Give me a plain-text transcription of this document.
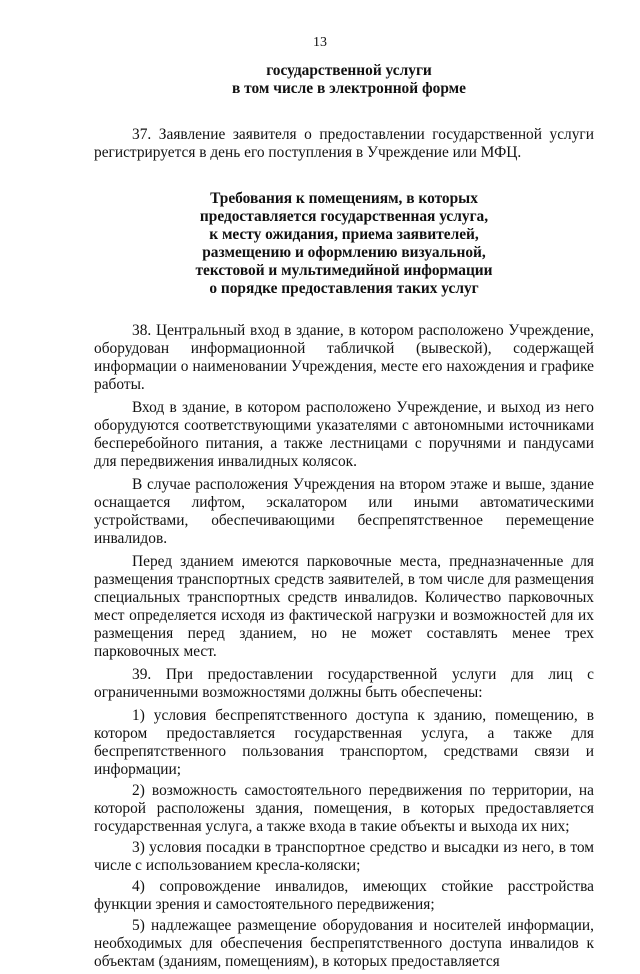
13
государственной услуги
в том числе в электронной форме

37. Заявление заявителя о предоставлении государственной услуги регистрируется в день его поступления в Учреждение или МФЦ.

Требования к помещениям, в которых
предоставляется государственная услуга,
к месту ожидания, приема заявителей,
размещению и оформлению визуальной,
текстовой и мультимедийной информации
о порядке предоставления таких услуг

38. Центральный вход в здание, в котором расположено Учреждение, оборудован информационной табличкой (вывеской), содержащей информации о наименовании Учреждения, месте его нахождения и графике работы.

Вход в здание, в котором расположено Учреждение, и выход из него оборудуются соответствующими указателями с автономными источниками бесперебойного питания, а также лестницами с поручнями и пандусами для передвижения инвалидных колясок.

В случае расположения Учреждения на втором этаже и выше, здание оснащается лифтом, эскалатором или иными автоматическими устройствами, обеспечивающими беспрепятственное перемещение инвалидов.

Перед зданием имеются парковочные места, предназначенные для размещения транспортных средств заявителей, в том числе для размещения специальных транспортных средств инвалидов. Количество парковочных мест определяется исходя из фактической нагрузки и возможностей для их размещения перед зданием, но не может составлять менее трех парковочных мест.

39. При предоставлении государственной услуги для лиц с ограниченными возможностями должны быть обеспечены:

1) условия беспрепятственного доступа к зданию, помещению, в котором предоставляется государственная услуга, а также для беспрепятственного пользования транспортом, средствами связи и информации;

2) возможность самостоятельного передвижения по территории, на которой расположены здания, помещения, в которых предоставляется государственная услуга, а также входа в такие объекты и выхода их них;

3) условия посадки в транспортное средство и высадки из него, в том числе с использованием кресла-коляски;

4) сопровождение инвалидов, имеющих стойкие расстройства функции зрения и самостоятельного передвижения;

5) надлежащее размещение оборудования и носителей информации, необходимых для обеспечения беспрепятственного доступа инвалидов к объектам (зданиям, помещениям), в которых предоставляется
